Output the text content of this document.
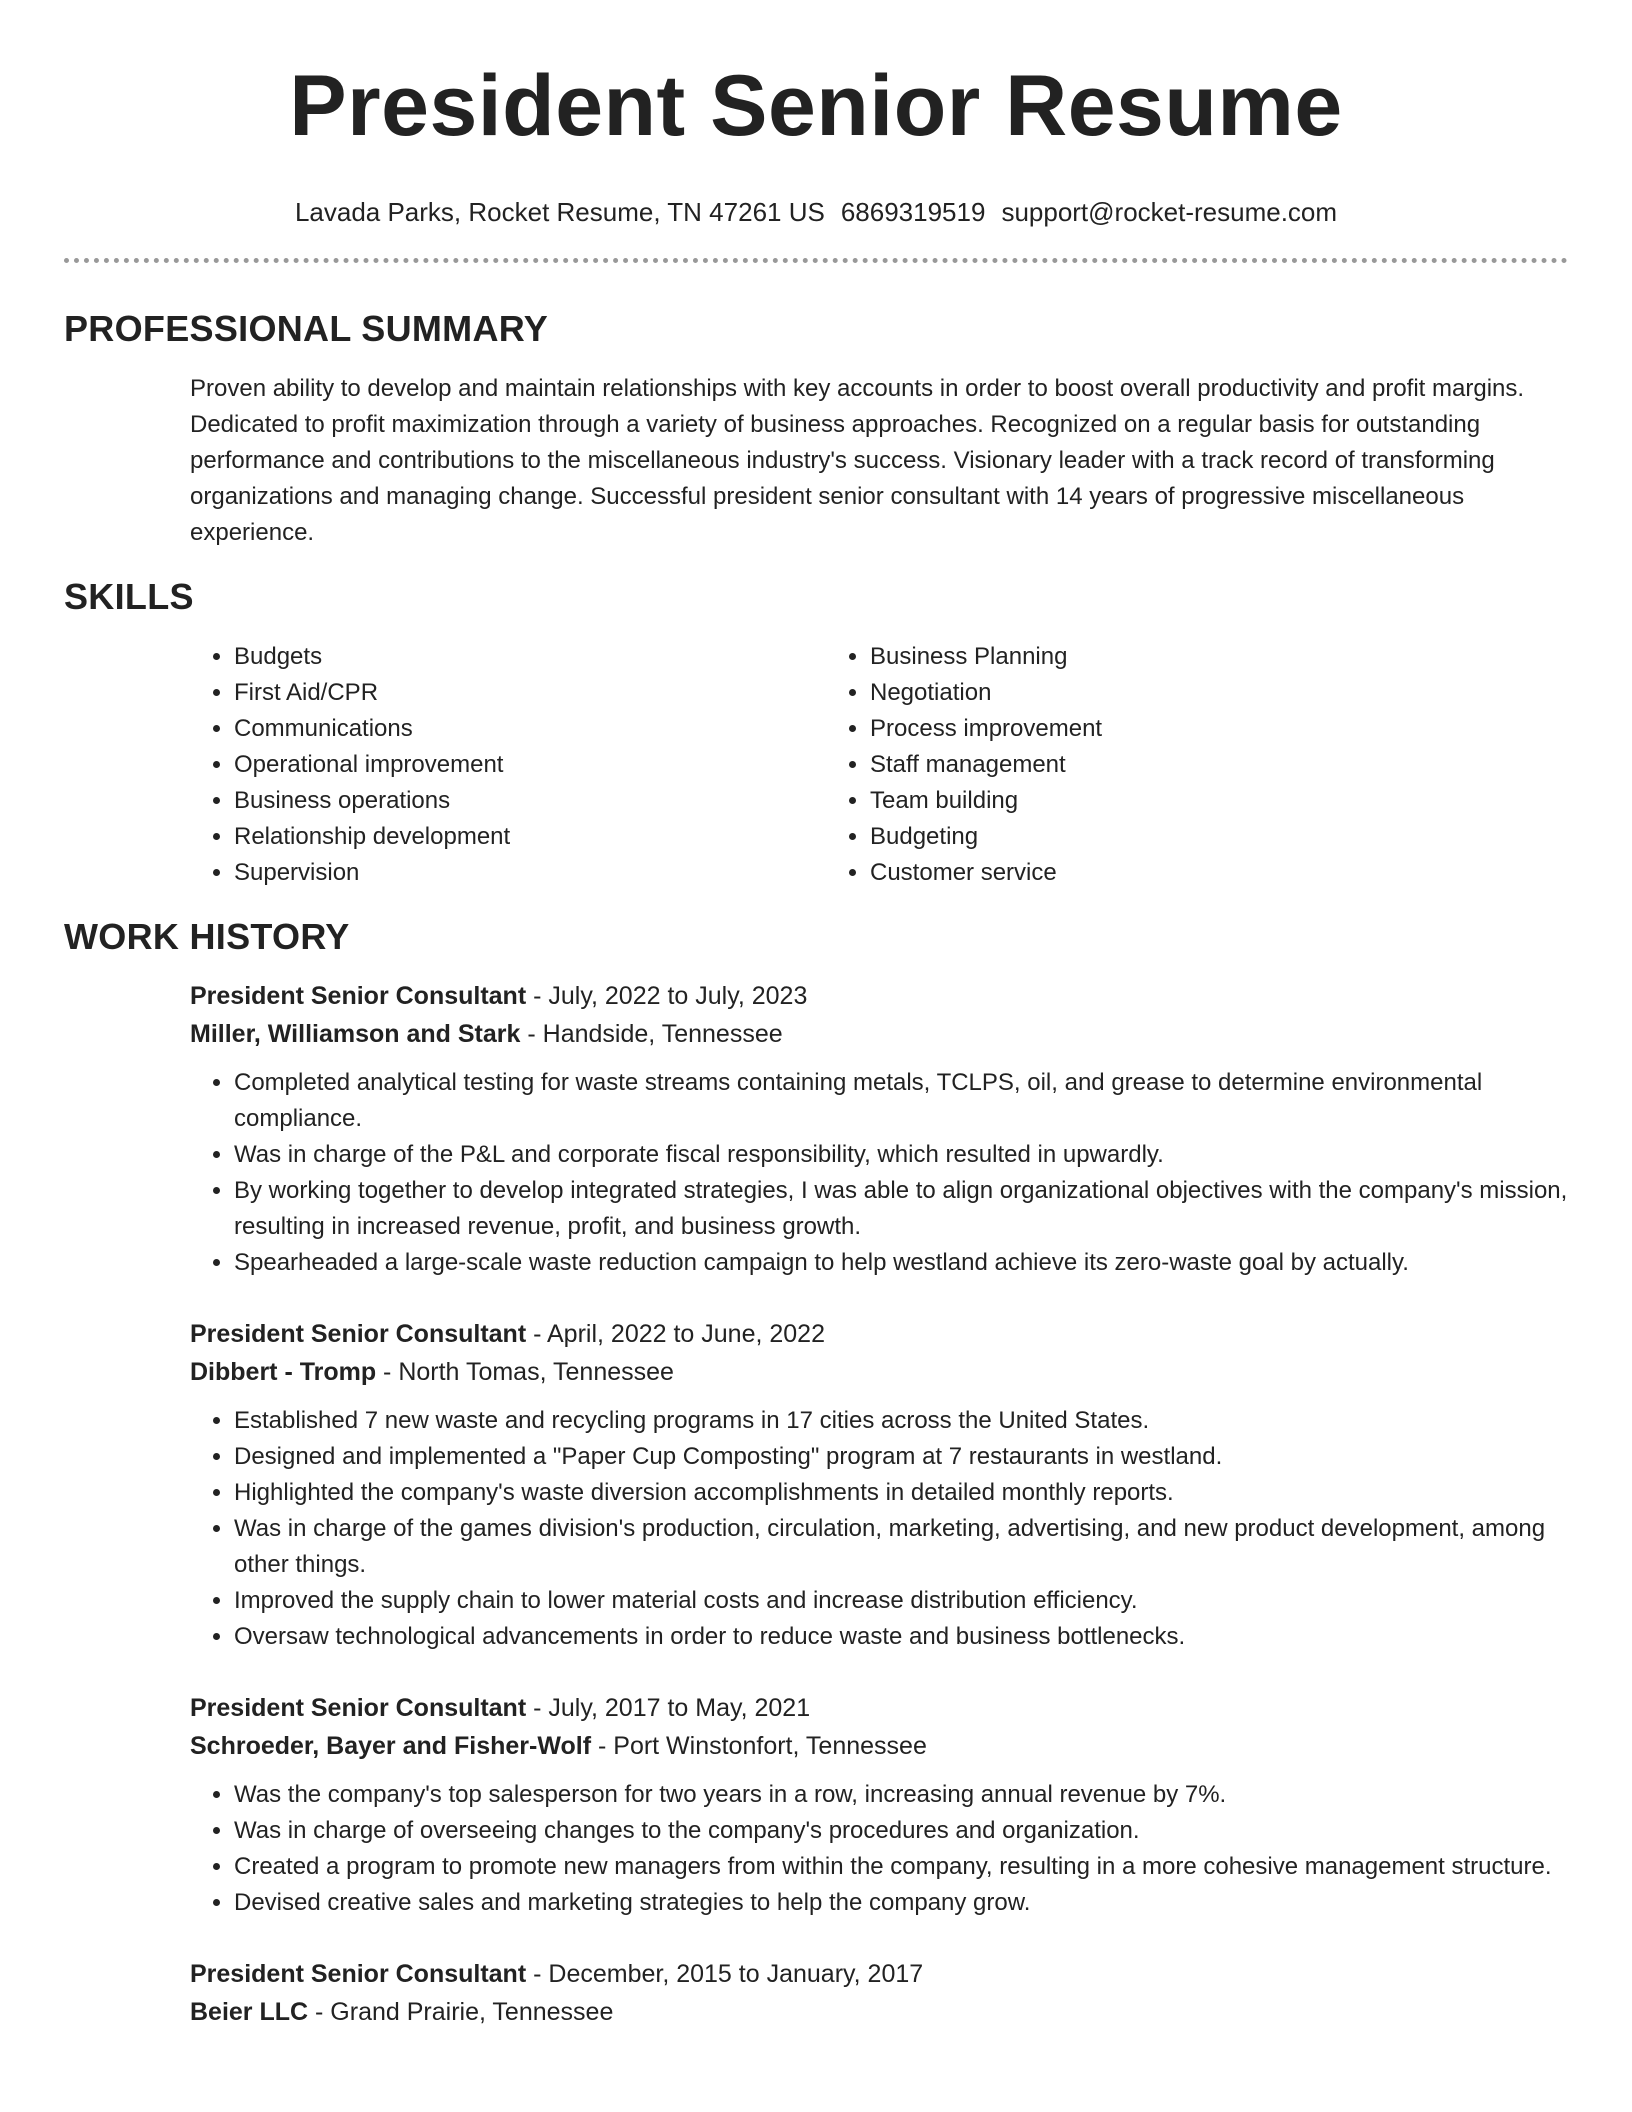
President Senior Resume
Lavada Parks, Rocket Resume, TN 47261 US 6869319519 support@rocket-resume.com
PROFESSIONAL SUMMARY
Proven ability to develop and maintain relationships with key accounts in order to boost overall productivity and profit margins. Dedicated to profit maximization through a variety of business approaches. Recognized on a regular basis for outstanding performance and contributions to the miscellaneous industry's success. Visionary leader with a track record of transforming organizations and managing change. Successful president senior consultant with 14 years of progressive miscellaneous experience.
SKILLS
• Budgets
• First Aid/CPR
• Communications
• Operational improvement
• Business operations
• Relationship development
• Supervision
• Business Planning
• Negotiation
• Process improvement
• Staff management
• Team building
• Budgeting
• Customer service
WORK HISTORY
President Senior Consultant - July, 2022 to July, 2023
Miller, Williamson and Stark - Handside, Tennessee
• Completed analytical testing for waste streams containing metals, TCLPS, oil, and grease to determine environmental compliance.
• Was in charge of the P&L and corporate fiscal responsibility, which resulted in upwardly.
• By working together to develop integrated strategies, I was able to align organizational objectives with the company's mission, resulting in increased revenue, profit, and business growth.
• Spearheaded a large-scale waste reduction campaign to help westland achieve its zero-waste goal by actually.
President Senior Consultant - April, 2022 to June, 2022
Dibbert - Tromp - North Tomas, Tennessee
• Established 7 new waste and recycling programs in 17 cities across the United States.
• Designed and implemented a "Paper Cup Composting" program at 7 restaurants in westland.
• Highlighted the company's waste diversion accomplishments in detailed monthly reports.
• Was in charge of the games division's production, circulation, marketing, advertising, and new product development, among other things.
• Improved the supply chain to lower material costs and increase distribution efficiency.
• Oversaw technological advancements in order to reduce waste and business bottlenecks.
President Senior Consultant - July, 2017 to May, 2021
Schroeder, Bayer and Fisher-Wolf - Port Winstonfort, Tennessee
• Was the company's top salesperson for two years in a row, increasing annual revenue by 7%.
• Was in charge of overseeing changes to the company's procedures and organization.
• Created a program to promote new managers from within the company, resulting in a more cohesive management structure.
• Devised creative sales and marketing strategies to help the company grow.
President Senior Consultant - December, 2015 to January, 2017
Beier LLC - Grand Prairie, Tennessee
